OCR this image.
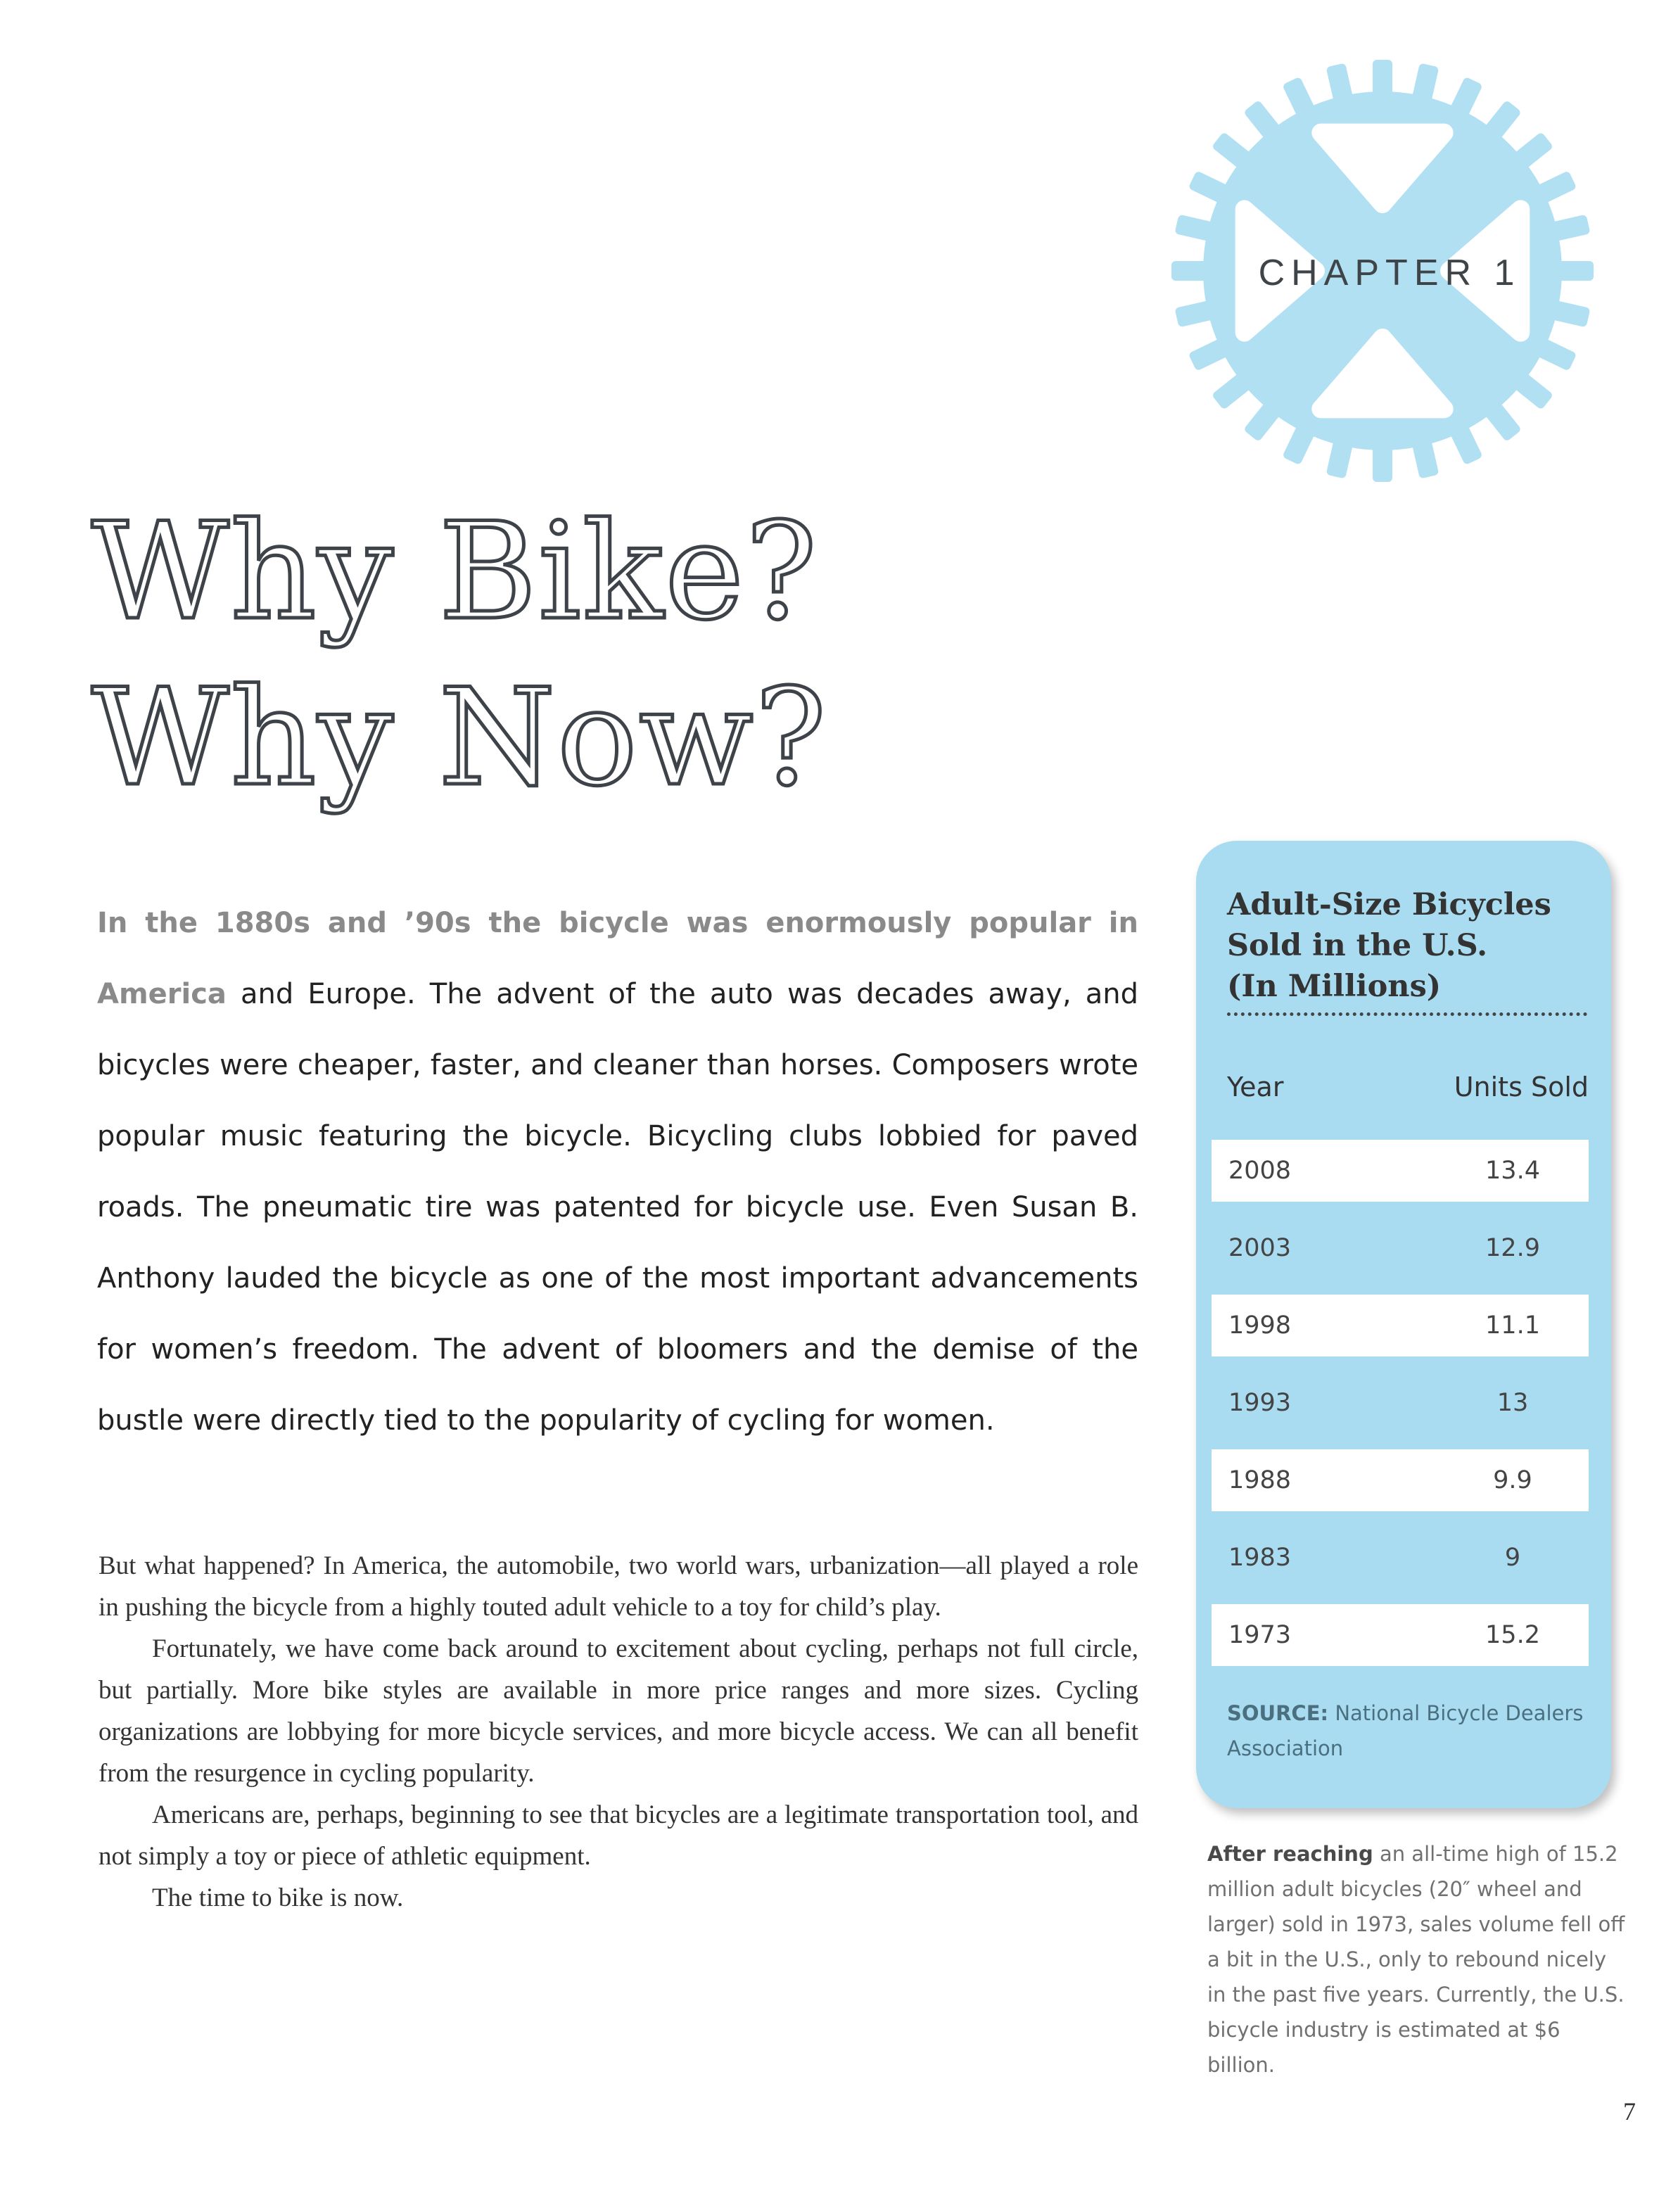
CHAPTER 1
Why Bike?
Why Now?

In the 1880s and ’90s the bicycle was enormously popular in America and Europe. The advent of the auto was decades away, and bicycles were cheaper, faster, and cleaner than horses. Composers wrote popular music featuring the bicycle. Bicycling clubs lobbied for paved roads. The pneumatic tire was patented for bicycle use. Even Susan B. Anthony lauded the bicycle as one of the most important advancements for women’s freedom. The advent of bloomers and the demise of the bustle were directly tied to the popularity of cycling for women.

But what happened? In America, the automobile, two world wars, urbanization—all played a role in pushing the bicycle from a highly touted adult vehicle to a toy for child’s play.

Fortunately, we have come back around to excitement about cycling, perhaps not full circle, but partially. More bike styles are available in more price ranges and more sizes. Cycling organizations are lobbying for more bicycle services, and more bicycle access. We can all benefit from the resurgence in cycling popularity.

Americans are, perhaps, beginning to see that bicycles are a legitimate transportation tool, and not simply a toy or piece of athletic equipment.

The time to bike is now.

Adult-Size Bicycles
Sold in the U.S.
(In Millions)
Year	Units Sold
2008	13.4
2003	12.9
1998	11.1
1993	13
1988	9.9
1983	9
1973	15.2

SOURCE: National Bicycle Dealers Association

After reaching an all-time high of 15.2 million adult bicycles (20″ wheel and larger) sold in 1973, sales volume fell off a bit in the U.S., only to rebound nicely in the past five years. Currently, the U.S. bicycle industry is estimated at $6 billion.

7
